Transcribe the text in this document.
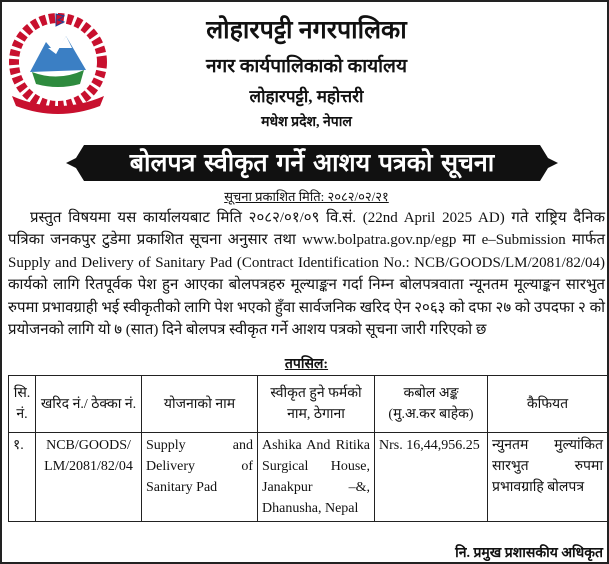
लोहारपट्टी नगरपालिका
नगर कार्यपालिकाको कार्यालय
लोहारपट्टी, महोत्तरी
मधेश प्रदेश, नेपाल
बोलपत्र स्वीकृत गर्ने आशय पत्रको सूचना
सूचना प्रकाशित मिति: २०८२/०२/२१
प्रस्तुत विषयमा यस कार्यालयबाट मिति २०८२/०१/०९ वि.सं. (22nd April 2025 AD) गते राष्ट्रिय दैनिक पत्रिका जनकपुर टुडेमा प्रकाशित सूचना अनुसार तथा www.bolpatra.gov.np/egp मा e–Submission मार्फत Supply and Delivery of Sanitary Pad (Contract Identification No.: NCB/GOODS/LM/2081/82/04) कार्यको लागि रितपूर्वक पेश हुन आएका बोलपत्रहरु मूल्याङ्कन गर्दा निम्न बोलपत्रवाता न्यूनतम मूल्याङ्कन सारभुत रुपमा प्रभावग्राही भई स्वीकृतीको लागि पेश भएको हुँवा सार्वजनिक खरिद ऐन २०६३ को दफा २७ को उपदफा २ को प्रयोजनको लागि यो ७ (सात) दिने बोलपत्र स्वीकृत गर्ने आशय पत्रको सूचना जारी गरिएको छ
तपसिल:
सि. नं.	खरिद नं./ ठेक्का नं.	योजनाको नाम	स्वीकृत हुने फर्मको नाम, ठेगाना	कबोल अङ्क (मु.अ.कर बाहेक)	कैफियत
१.	NCB/GOODS/ LM/2081/82/04	Supply and Delivery of Sanitary Pad	Ashika And Ritika Surgical House, Janakpur –&, Dhanusha, Nepal	Nrs. 16,44,956.25	न्युनतम मुल्यांकित सारभुत रुपमा प्रभावग्राहि बोलपत्र
नि. प्रमुख प्रशासकीय अधिकृत
